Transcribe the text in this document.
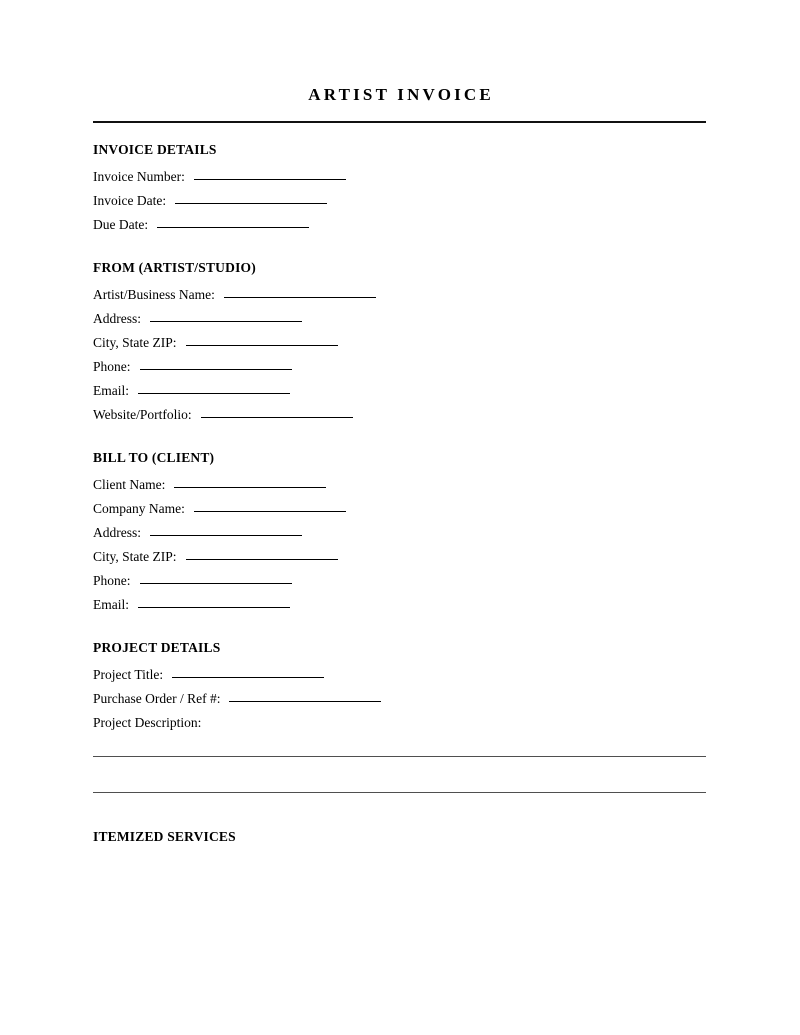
ARTIST INVOICE
INVOICE DETAILS
Invoice Number:
Invoice Date:
Due Date:
FROM (ARTIST/STUDIO)
Artist/Business Name:
Address:
City, State ZIP:
Phone:
Email:
Website/Portfolio:
BILL TO (CLIENT)
Client Name:
Company Name:
Address:
City, State ZIP:
Phone:
Email:
PROJECT DETAILS
Project Title:
Purchase Order / Ref #:
Project Description:
ITEMIZED SERVICES
